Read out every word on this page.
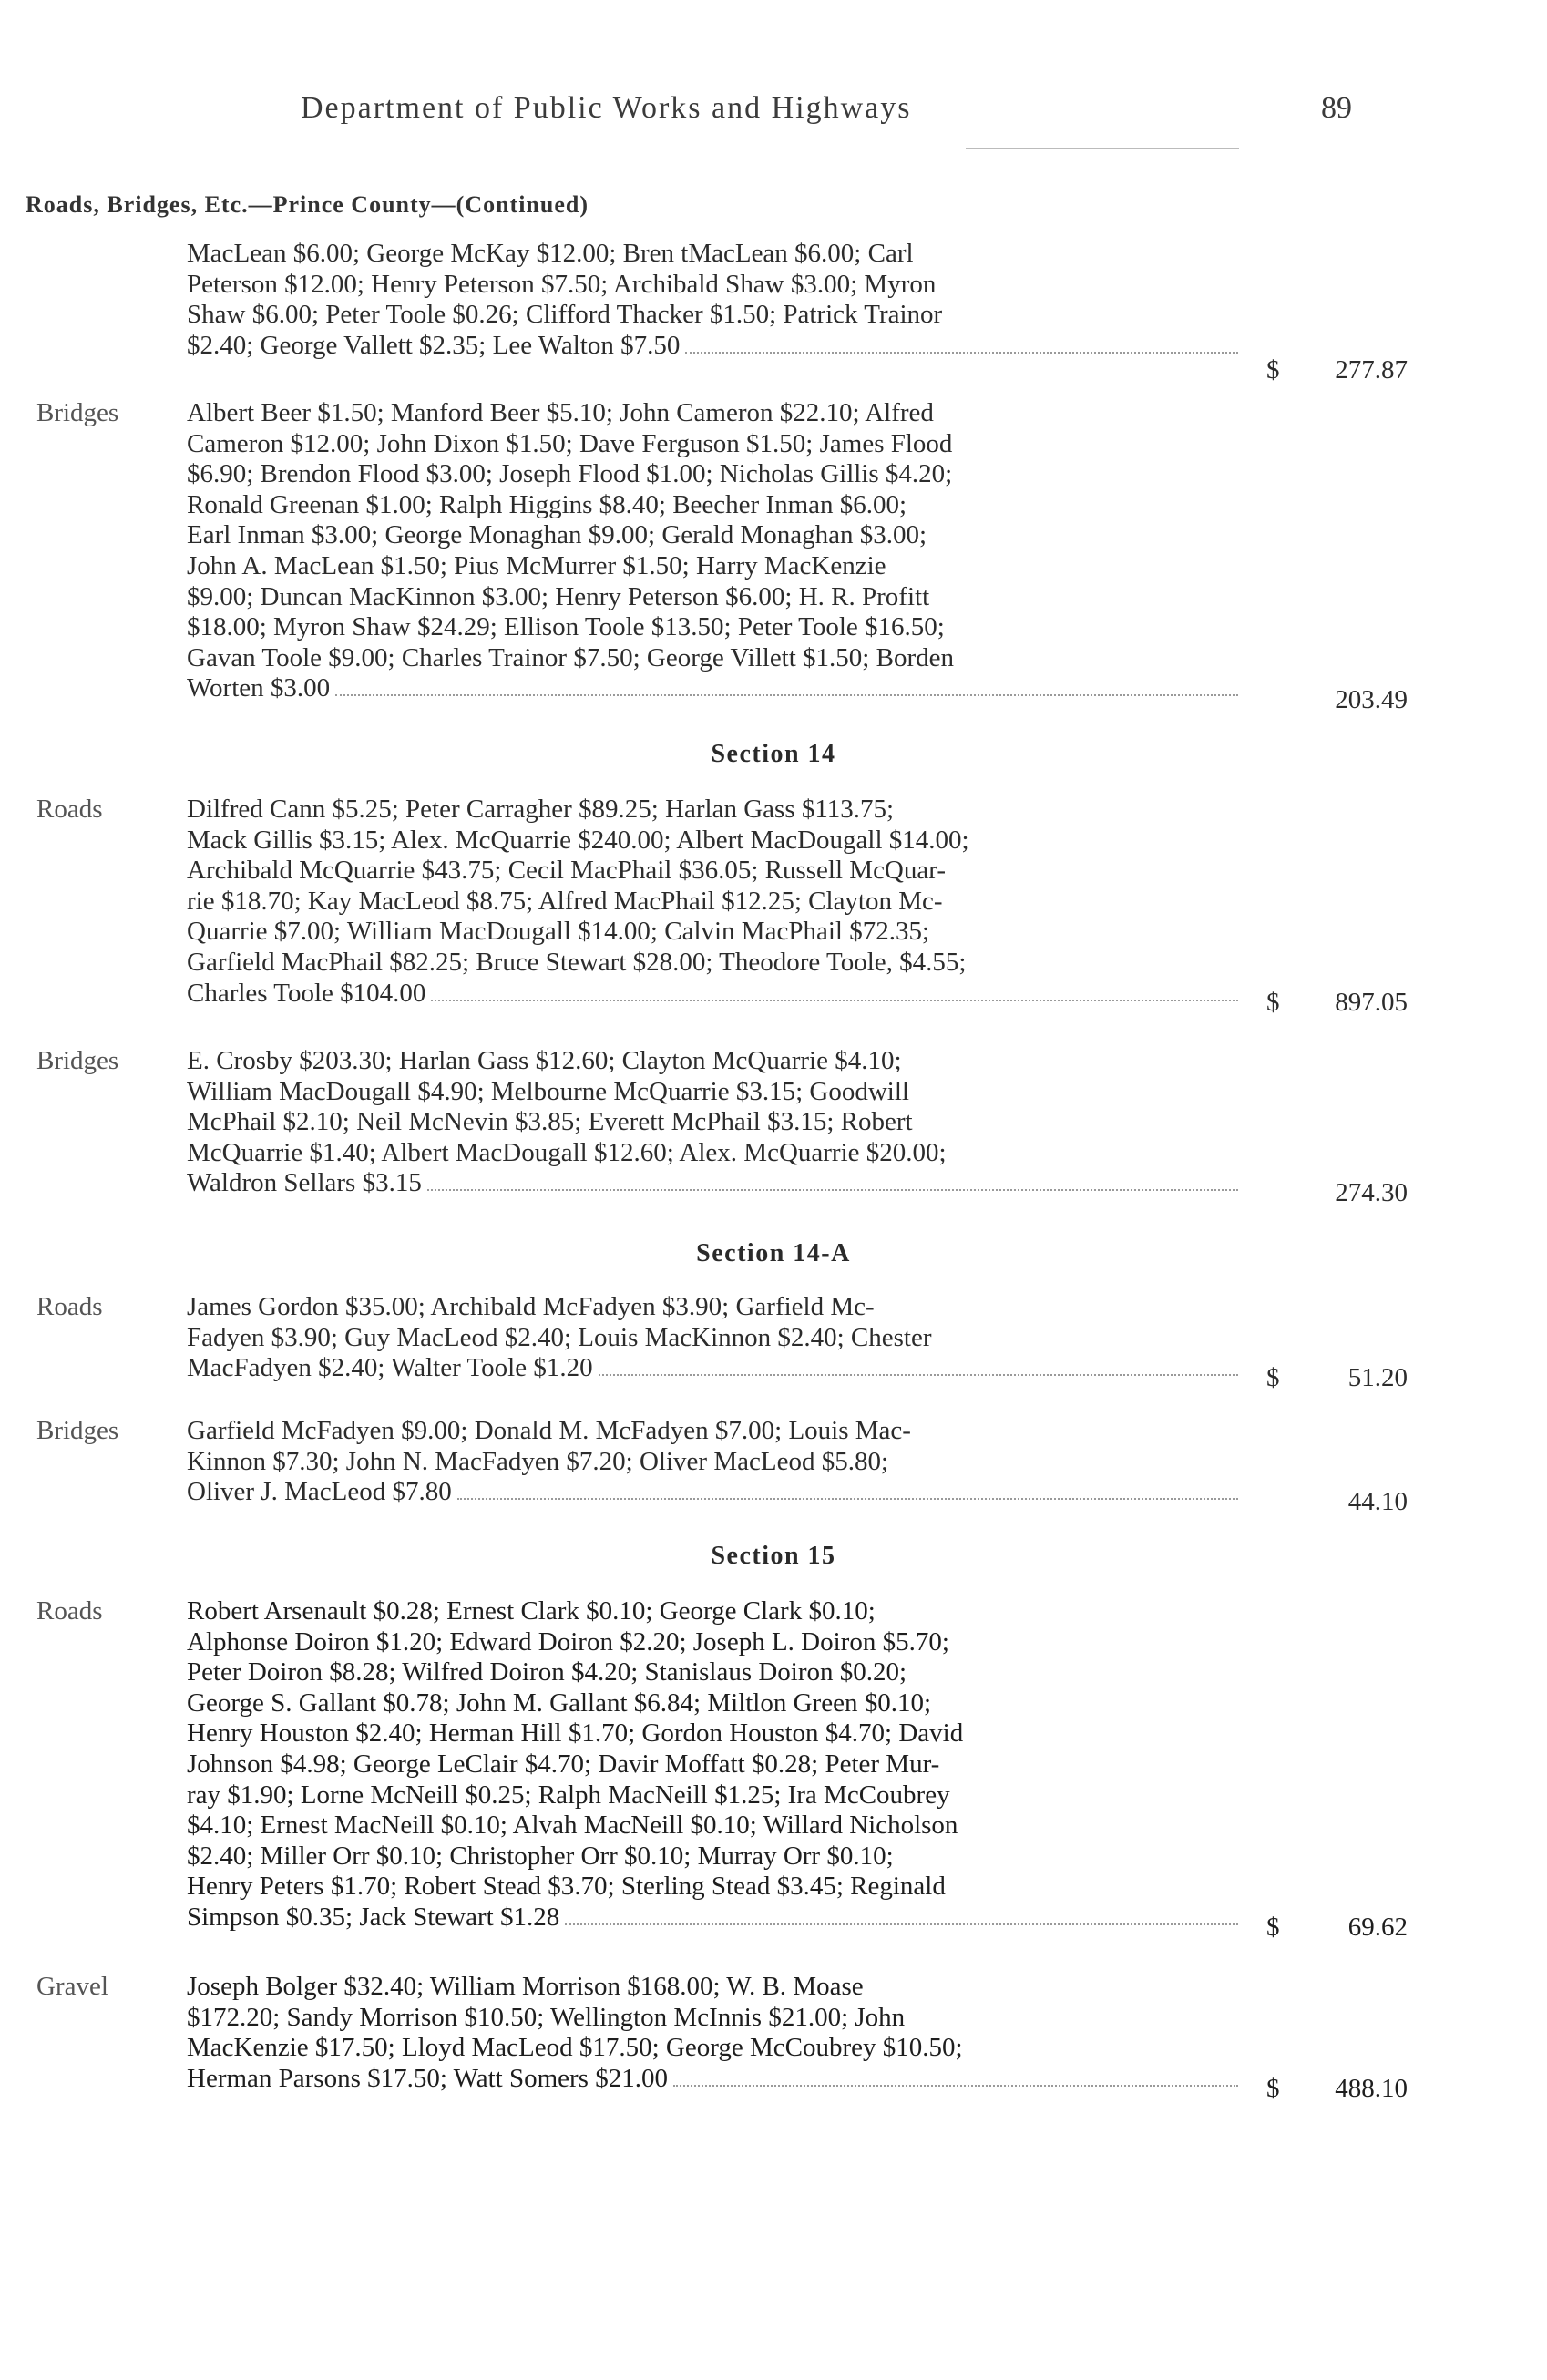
Department of Public Works and Highways	89
Roads, Bridges, Etc.—Prince County—(Continued)
Section 14
Section 14-A
Section 15
MacLean $6.00; George McKay $12.00; Bren tMacLean $6.00; Carl
Peterson $12.00; Henry Peterson $7.50; Archibald Shaw $3.00; Myron
Shaw $6.00; Peter Toole $0.26; Clifford Thacker $1.50; Patrick Trainor
$2.40; George Vallett $2.35; Lee Walton $7.50
$	277.87
Bridges	Albert Beer $1.50; Manford Beer $5.10; John Cameron $22.10; Alfred
Cameron $12.00; John Dixon $1.50; Dave Ferguson $1.50; James Flood
$6.90; Brendon Flood $3.00; Joseph Flood $1.00; Nicholas Gillis $4.20;
Ronald Greenan $1.00; Ralph Higgins $8.40; Beecher Inman $6.00;
Earl Inman $3.00; George Monaghan $9.00; Gerald Monaghan $3.00;
John A. MacLean $1.50; Pius McMurrer $1.50; Harry MacKenzie
$9.00; Duncan MacKinnon $3.00; Henry Peterson $6.00; H. R. Profitt
$18.00; Myron Shaw $24.29; Ellison Toole $13.50; Peter Toole $16.50;
Gavan Toole $9.00; Charles Trainor $7.50; George Villett $1.50; Borden
Worten $3.00	203.49
Roads	Dilfred Cann $5.25; Peter Carragher $89.25; Harlan Gass $113.75;
Mack Gillis $3.15; Alex. McQuarrie $240.00; Albert MacDougall $14.00;
Archibald McQuarrie $43.75; Cecil MacPhail $36.05; Russell McQuar-
rie $18.70; Kay MacLeod $8.75; Alfred MacPhail $12.25; Clayton Mc-
Quarrie $7.00; William MacDougall $14.00; Calvin MacPhail $72.35;
Garfield MacPhail $82.25; Bruce Stewart $28.00; Theodore Toole, $4.55;
Charles Toole $104.00	$	897.05
Bridges	E. Crosby $203.30; Harlan Gass $12.60; Clayton McQuarrie $4.10;
William MacDougall $4.90; Melbourne McQuarrie $3.15; Goodwill
McPhail $2.10; Neil McNevin $3.85; Everett McPhail $3.15; Robert
McQuarrie $1.40; Albert MacDougall $12.60; Alex. McQuarrie $20.00;
Waldron Sellars $3.15	274.30
Roads	James Gordon $35.00; Archibald McFadyen $3.90; Garfield Mc-
Fadyen $3.90; Guy MacLeod $2.40; Louis MacKinnon $2.40; Chester
MacFadyen $2.40; Walter Toole $1.20	$	51.20
Bridges	Garfield McFadyen $9.00; Donald M. McFadyen $7.00; Louis Mac-
Kinnon $7.30; John N. MacFadyen $7.20; Oliver MacLeod $5.80;
Oliver J. MacLeod $7.80	44.10
Roads	Robert Arsenault $0.28; Ernest Clark $0.10; George Clark $0.10;
Alphonse Doiron $1.20; Edward Doiron $2.20; Joseph L. Doiron $5.70;
Peter Doiron $8.28; Wilfred Doiron $4.20; Stanislaus Doiron $0.20;
George S. Gallant $0.78; John M. Gallant $6.84; Miltlon Green $0.10;
Henry Houston $2.40; Herman Hill $1.70; Gordon Houston $4.70; David
Johnson $4.98; George LeClair $4.70; Davir Moffatt $0.28; Peter Mur-
ray $1.90; Lorne McNeill $0.25; Ralph MacNeill $1.25; Ira McCoubrey
$4.10; Ernest MacNeill $0.10; Alvah MacNeill $0.10; Willard Nicholson
$2.40; Miller Orr $0.10; Christopher Orr $0.10; Murray Orr $0.10;
Henry Peters $1.70; Robert Stead $3.70; Sterling Stead $3.45; Reginald
Simpson $0.35; Jack Stewart $1.28	$	69.62
Gravel	Joseph Bolger $32.40; William Morrison $168.00; W. B. Moase
$172.20; Sandy Morrison $10.50; Wellington McInnis $21.00; John
MacKenzie $17.50; Lloyd MacLeod $17.50; George McCoubrey $10.50;
Herman Parsons $17.50; Watt Somers $21.00	$	488.10
